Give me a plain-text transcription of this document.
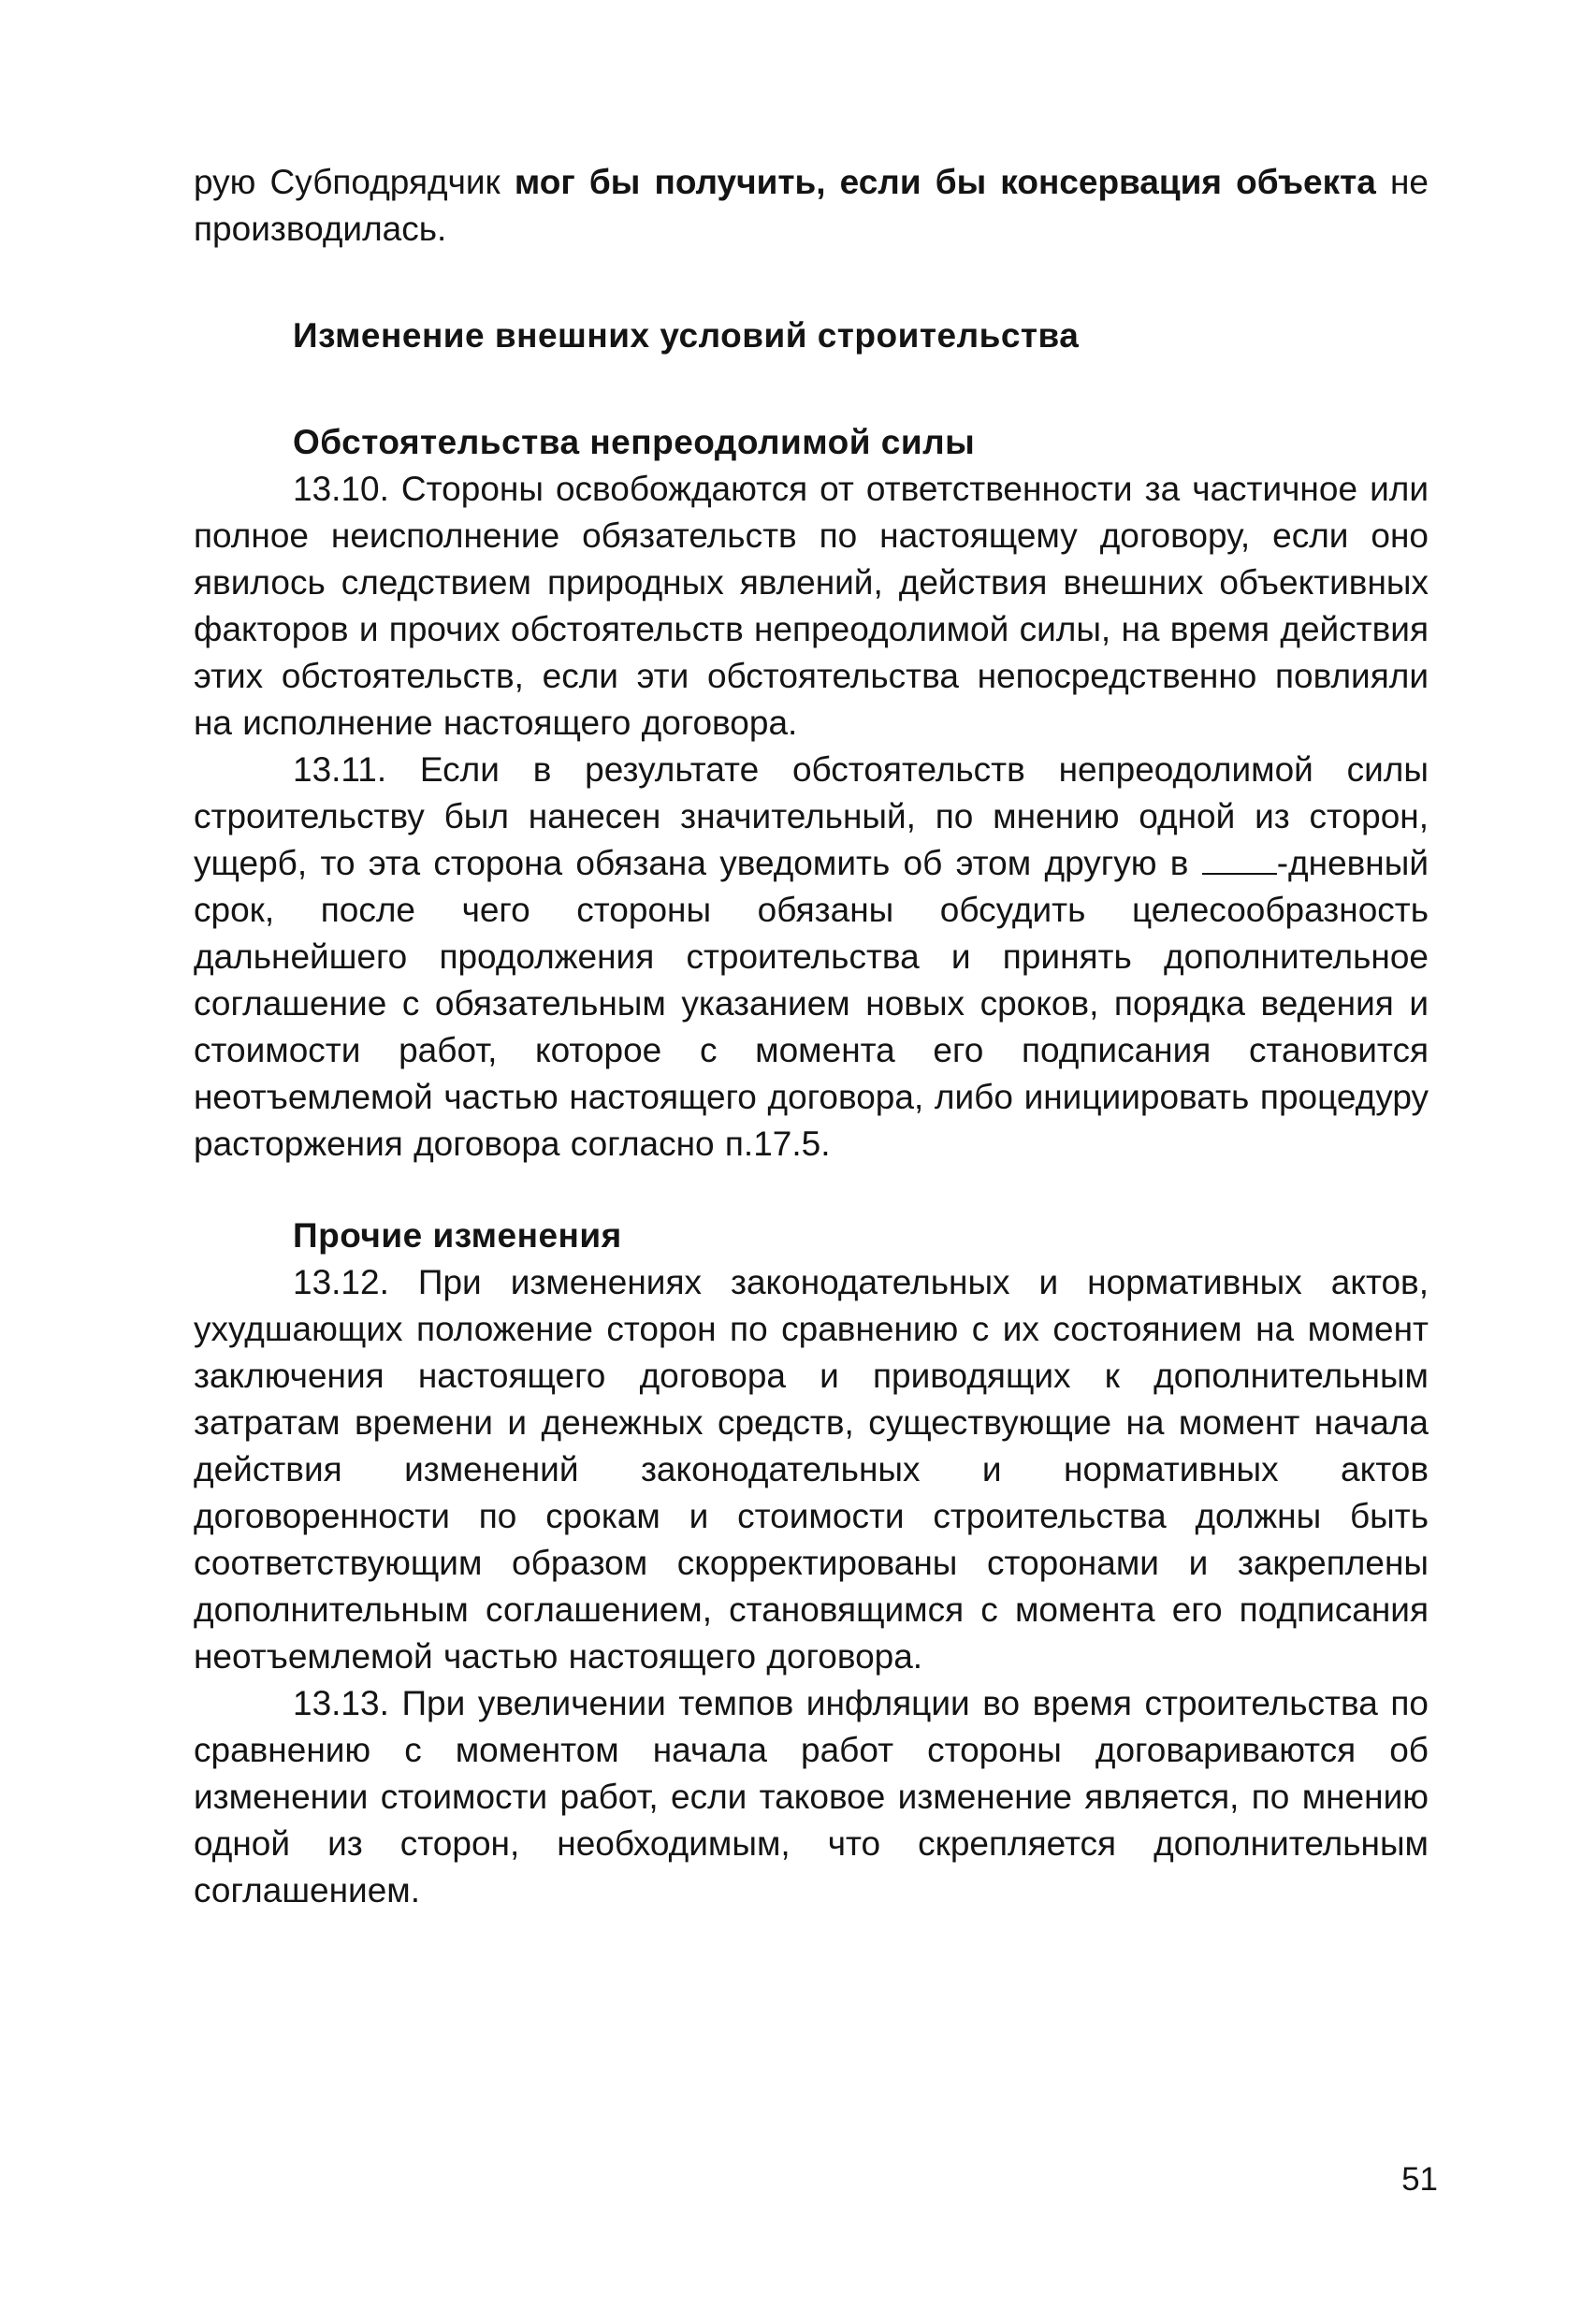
рую Субподрядчик мог бы получить, если бы консервация объекта не производилась.

Изменение внешних условий строительства
Обстоятельства непреодолимой силы

13.10. Стороны освобождаются от ответственности за частичное или полное неисполнение обязательств по настоящему договору, если оно явилось следствием природных явлений, действия внешних объективных факторов и прочих обстоятельств непреодолимой силы, на время действия этих обстоятельств, если эти обстоятельства непосредственно повлияли на исполнение настоящего договора.

13.11. Если в результате обстоятельств непреодолимой силы строительству был нанесен значительный, по мнению одной из сторон, ущерб, то эта сторона обязана уведомить об этом другую в -дневный срок, после чего стороны обязаны обсудить целесообразность дальнейшего продолжения строительства и принять дополнительное соглашение с обязательным указанием новых сроков, порядка ведения и стоимости работ, которое с момента его подписания становится неотъемлемой частью настоящего договора, либо инициировать процедуру расторжения договора согласно п.17.5.

Прочие изменения

13.12. При изменениях законодательных и нормативных актов, ухудшающих положение сторон по сравнению с их состоянием на момент заключения настоящего договора и приводящих к дополнительным затратам времени и денежных средств, существующие на момент начала действия изменений законодательных и нормативных актов договоренности по срокам и стоимости строительства должны быть соответствующим образом скорректированы сторонами и закреплены дополнительным соглашением, становящимся с момента его подписания неотъемлемой частью настоящего договора.

13.13. При увеличении темпов инфляции во время строительства по сравнению с моментом начала работ стороны договариваются об изменении стоимости работ, если таковое изменение является, по мнению одной из сторон, необходимым, что скрепляется дополнительным соглашением.

51
